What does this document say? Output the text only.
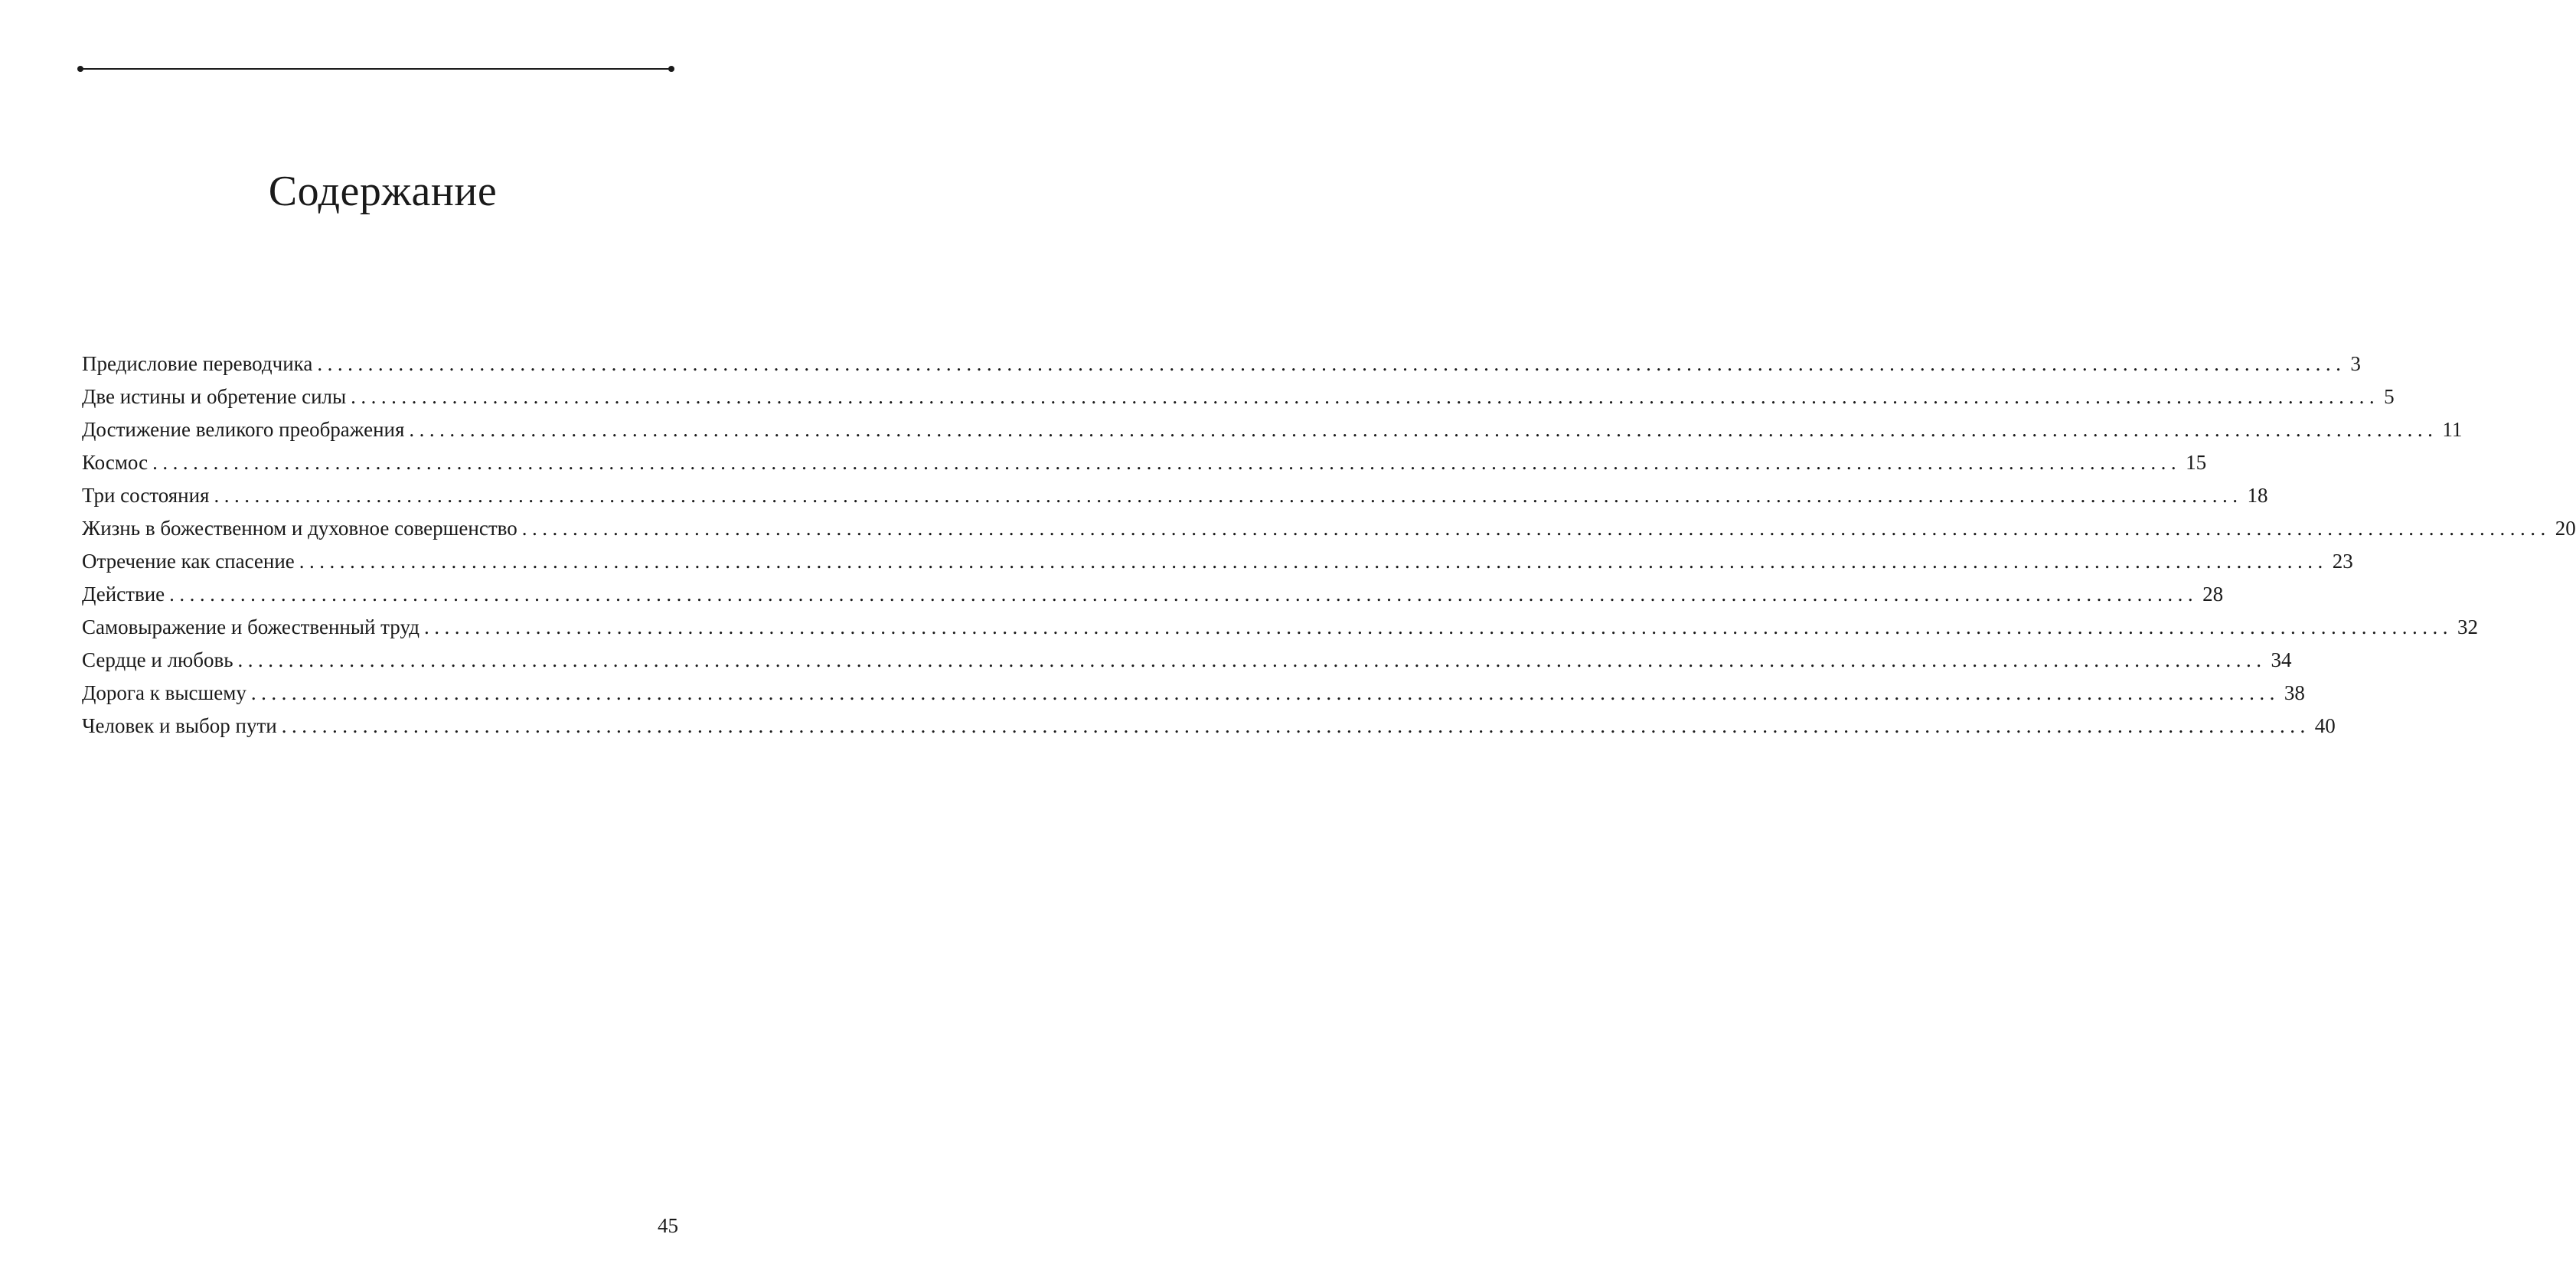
Содержание
Предисловие переводчика ........................................................................................................................................................................................................ 3
Две истины и обретение силы ........................................................................................................................................................................................................ 5
Достижение великого преображения ........................................................................................................................................................................................................ 11
Космос ........................................................................................................................................................................................................ 15
Три состояния ........................................................................................................................................................................................................ 18
Жизнь в божественном и духовное совершенство ........................................................................................................................................................................................................ 20
Отречение как спасение ........................................................................................................................................................................................................ 23
Действие ........................................................................................................................................................................................................ 28
Самовыражение и божественный труд ........................................................................................................................................................................................................ 32
Сердце и любовь ........................................................................................................................................................................................................ 34
Дорога к высшему ........................................................................................................................................................................................................ 38
Человек и выбор пути ........................................................................................................................................................................................................ 40
45
